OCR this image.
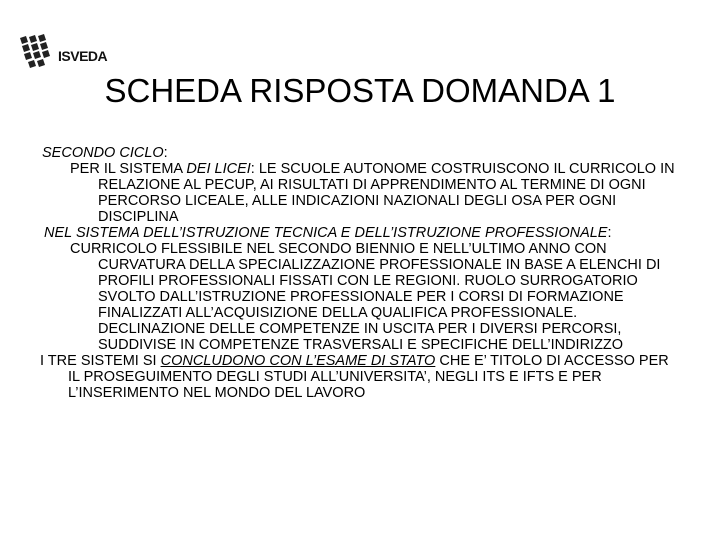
ISVEDA
SCHEDA RISPOSTA DOMANDA 1

SECONDO CICLO:

PER IL SISTEMA DEI LICEI: LE SCUOLE AUTONOME COSTRUISCONO IL CURRICOLO IN RELAZIONE AL PECUP, AI RISULTATI DI APPRENDIMENTO AL TERMINE DI OGNI PERCORSO LICEALE, ALLE INDICAZIONI NAZIONALI DEGLI OSA PER OGNI DISCIPLINA

NEL SISTEMA DELL’ISTRUZIONE TECNICA E DELL’ISTRUZIONE PROFESSIONALE:

CURRICOLO FLESSIBILE NEL SECONDO BIENNIO E NELL’ULTIMO ANNO CON CURVATURA DELLA SPECIALIZZAZIONE PROFESSIONALE IN BASE A ELENCHI DI PROFILI PROFESSIONALI FISSATI CON LE REGIONI. RUOLO SURROGATORIO SVOLTO DALL’ISTRUZIONE PROFESSIONALE PER I CORSI DI FORMAZIONE FINALIZZATI ALL’ACQUISIZIONE DELLA QUALIFICA PROFESSIONALE. DECLINAZIONE DELLE COMPETENZE IN USCITA PER I DIVERSI PERCORSI, SUDDIVISE IN COMPETENZE TRASVERSALI E SPECIFICHE DELL’INDIRIZZO

I TRE SISTEMI SI CONCLUDONO CON L’ESAME DI STATO CHE E’ TITOLO DI ACCESSO PER IL PROSEGUIMENTO DEGLI STUDI ALL’UNIVERSITA’, NEGLI ITS E IFTS E PER L’INSERIMENTO NEL MONDO DEL LAVORO
